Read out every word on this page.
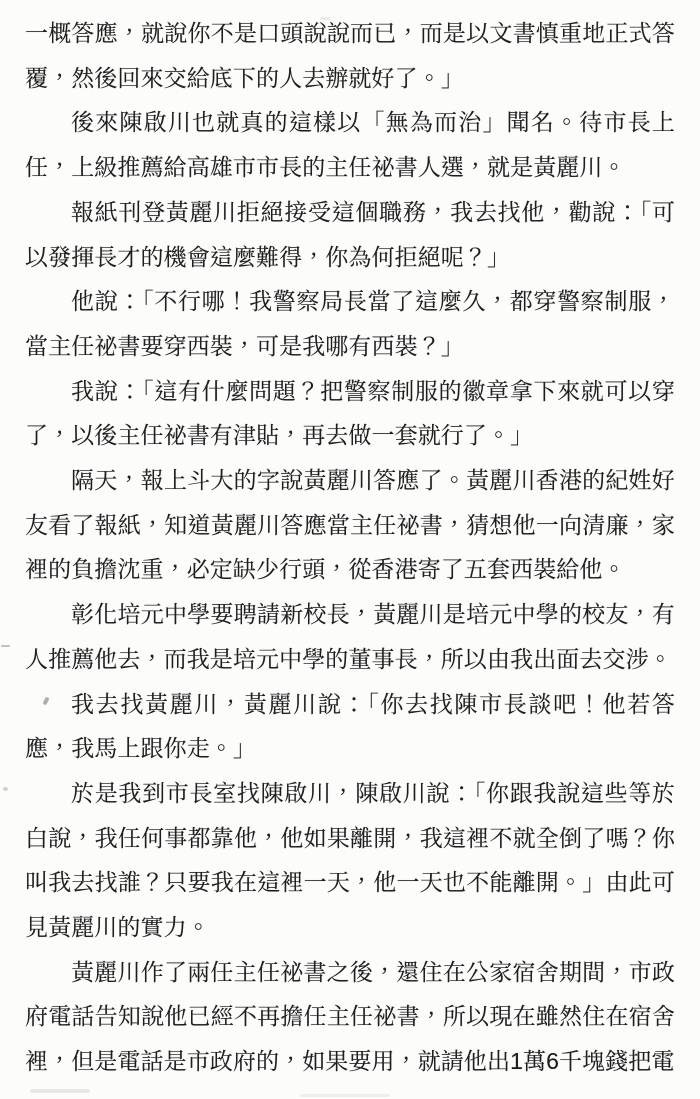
一概答應，就說你不是口頭說說而已，而是以文書慎重地正式答覆，然後回來交給底下的人去辦就好了。」

後來陳啟川也就真的這樣以「無為而治」聞名。待市長上任，上級推薦給高雄市市長的主任祕書人選，就是黃麗川。

報紙刊登黃麗川拒絕接受這個職務，我去找他，勸說：「可以發揮長才的機會這麼難得，你為何拒絕呢？」

他說：「不行哪！我警察局長當了這麼久，都穿警察制服，當主任祕書要穿西裝，可是我哪有西裝？」

我說：「這有什麼問題？把警察制服的徽章拿下來就可以穿了，以後主任祕書有津貼，再去做一套就行了。」

隔天，報上斗大的字說黃麗川答應了。黃麗川香港的紀姓好友看了報紙，知道黃麗川答應當主任祕書，猜想他一向清廉，家裡的負擔沈重，必定缺少行頭，從香港寄了五套西裝給他。

彰化培元中學要聘請新校長，黃麗川是培元中學的校友，有人推薦他去，而我是培元中學的董事長，所以由我出面去交涉。

我去找黃麗川，黃麗川說：「你去找陳市長談吧！他若答應，我馬上跟你走。」

於是我到市長室找陳啟川，陳啟川說：「你跟我說這些等於白說，我任何事都靠他，他如果離開，我這裡不就全倒了嗎？你叫我去找誰？只要我在這裡一天，他一天也不能離開。」由此可見黃麗川的實力。

黃麗川作了兩任主任祕書之後，還住在公家宿舍期間，市政府電話告知說他已經不再擔任主任祕書，所以現在雖然住在宿舍裡，但是電話是市政府的，如果要用，就請他出1萬6千塊錢把電
